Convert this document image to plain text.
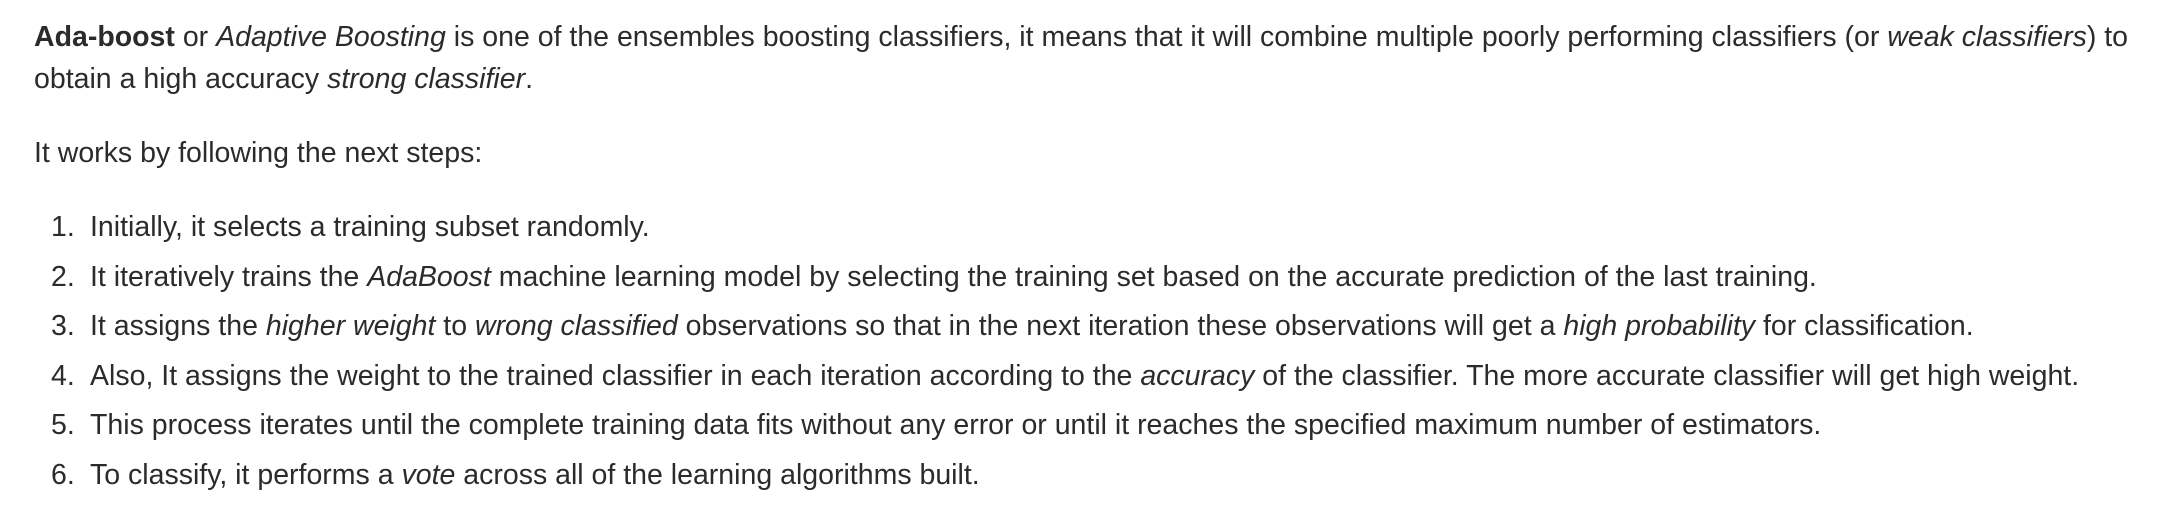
Ada-boost or Adaptive Boosting is one of the ensembles boosting classifiers, it means that it will combine multiple poorly performing classifiers (or weak classifiers) to obtain a high accuracy strong classifier.

It works by following the next steps:

1. Initially, it selects a training subset randomly.
2. It iteratively trains the AdaBoost machine learning model by selecting the training set based on the accurate prediction of the last training.
3. It assigns the higher weight to wrong classified observations so that in the next iteration these observations will get a high probability for classification.
4. Also, It assigns the weight to the trained classifier in each iteration according to the accuracy of the classifier. The more accurate classifier will get high weight.
5. This process iterates until the complete training data fits without any error or until it reaches the specified maximum number of estimators.
6. To classify, it performs a vote across all of the learning algorithms built.
